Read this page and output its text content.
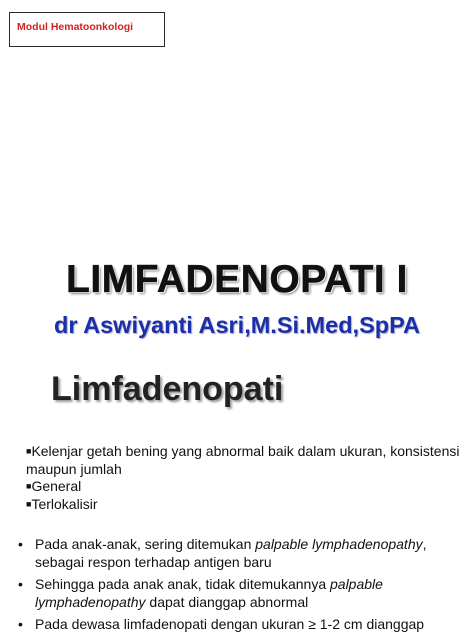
Modul Hematoonkologi
LIMFADENOPATI I
dr Aswiyanti Asri,M.Si.Med,SpPA
Limfadenopati

■Kelenjar getah bening yang abnormal baik dalam ukuran, konsistensi maupun jumlah

■General

■Terlokalisir

• Pada anak-anak, sering ditemukan palpable lymphadenopathy, sebagai respon terhadap antigen baru
• Sehingga pada anak anak, tidak ditemukannya palpable lymphadenopathy dapat dianggap abnormal
• Pada dewasa limfadenopati dengan ukuran ≥ 1-2 cm dianggap
